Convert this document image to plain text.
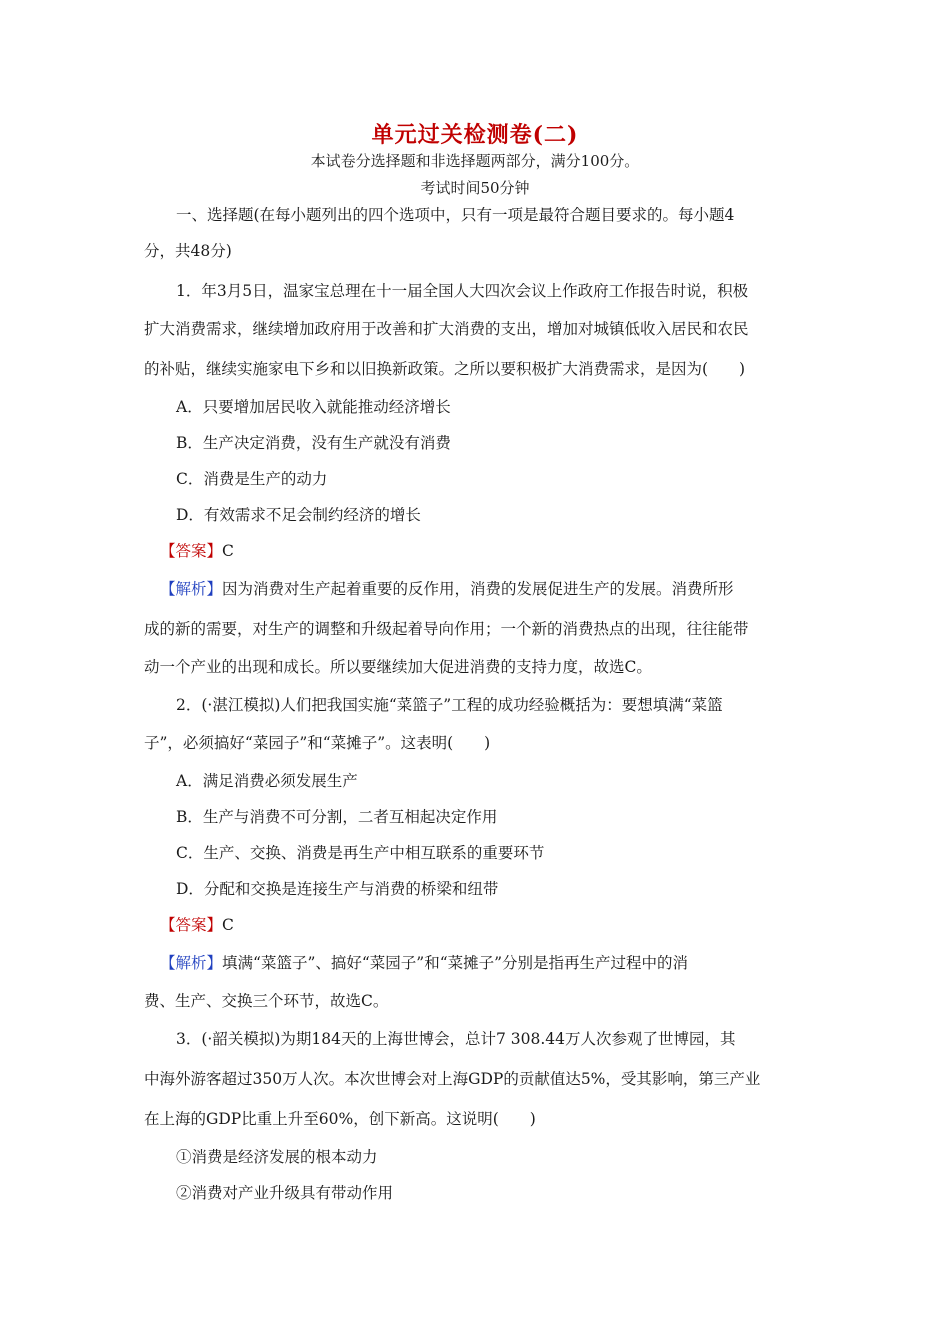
单元过关检测卷(二)
本试卷分选择题和非选择题两部分，满分100分。
考试时间50分钟
一、选择题(在每小题列出的四个选项中，只有一项是最符合题目要求的。每小题4
分，共48分)
1．年3月5日，温家宝总理在十一届全国人大四次会议上作政府工作报告时说，积极
扩大消费需求，继续增加政府用于改善和扩大消费的支出，增加对城镇低收入居民和农民
的补贴，继续实施家电下乡和以旧换新政策。之所以要积极扩大消费需求，是因为(　　)
A．只要增加居民收入就能推动经济增长
B．生产决定消费，没有生产就没有消费
C．消费是生产的动力
D．有效需求不足会制约经济的增长
【答案】C
【解析】因为消费对生产起着重要的反作用，消费的发展促进生产的发展。消费所形
成的新的需要，对生产的调整和升级起着导向作用；一个新的消费热点的出现，往往能带
动一个产业的出现和成长。所以要继续加大促进消费的支持力度，故选C。
2．(·湛江模拟)人们把我国实施“菜篮子”工程的成功经验概括为：要想填满“菜篮
子”，必须搞好“菜园子”和“菜摊子”。这表明(　　)
A．满足消费必须发展生产
B．生产与消费不可分割，二者互相起决定作用
C．生产、交换、消费是再生产中相互联系的重要环节
D．分配和交换是连接生产与消费的桥梁和纽带
【答案】C
【解析】填满“菜篮子”、搞好“菜园子”和“菜摊子”分别是指再生产过程中的消
费、生产、交换三个环节，故选C。
3．(·韶关模拟)为期184天的上海世博会，总计7 308.44万人次参观了世博园，其
中海外游客超过350万人次。本次世博会对上海GDP的贡献值达5%，受其影响，第三产业
在上海的GDP比重上升至60%，创下新高。这说明(　　)
①消费是经济发展的根本动力
②消费对产业升级具有带动作用
